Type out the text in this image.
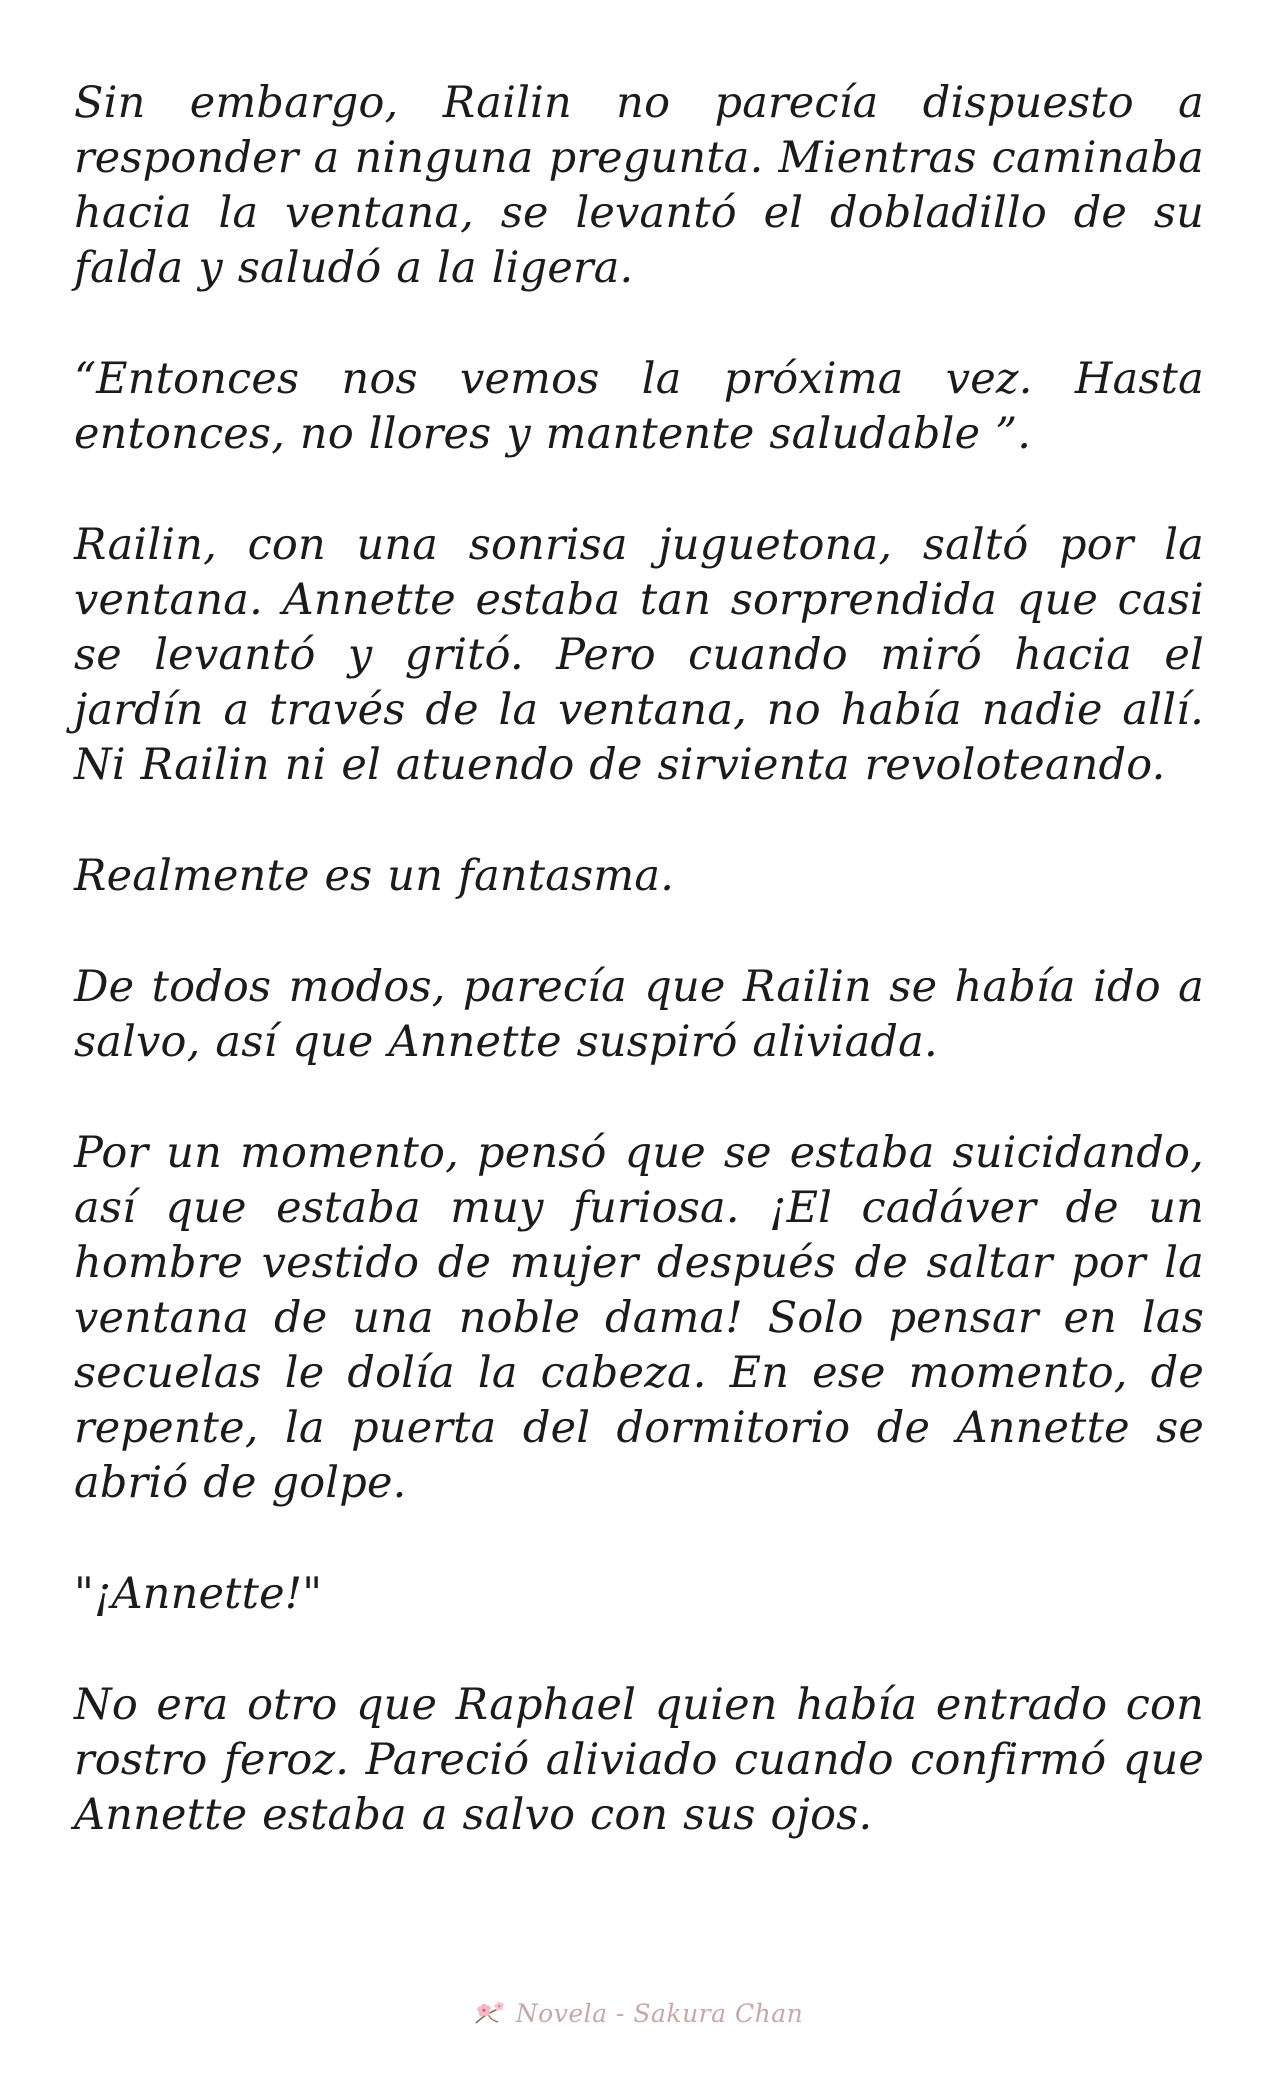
Sin embargo, Railin no parecía dispuesto a responder a ninguna pregunta. Mientras caminaba hacia la ventana, se levantó el dobladillo de su falda y saludó a la ligera.

“Entonces nos vemos la próxima vez. Hasta entonces, no llores y mantente saludable ”.

Railin, con una sonrisa juguetona, saltó por la ventana. Annette estaba tan sorprendida que casi se levantó y gritó. Pero cuando miró hacia el jardín a través de la ventana, no había nadie allí. Ni Railin ni el atuendo de sirvienta revoloteando.

Realmente es un fantasma.

De todos modos, parecía que Railin se había ido a salvo, así que Annette suspiró aliviada.

Por un momento, pensó que se estaba suicidando, así que estaba muy furiosa. ¡El cadáver de un hombre vestido de mujer después de saltar por la ventana de una noble dama! Solo pensar en las secuelas le dolía la cabeza. En ese momento, de repente, la puerta del dormitorio de Annette se abrió de golpe.

"¡Annette!"

No era otro que Raphael quien había entrado con rostro feroz. Pareció aliviado cuando confirmó que Annette estaba a salvo con sus ojos.

Novela - Sakura Chan
